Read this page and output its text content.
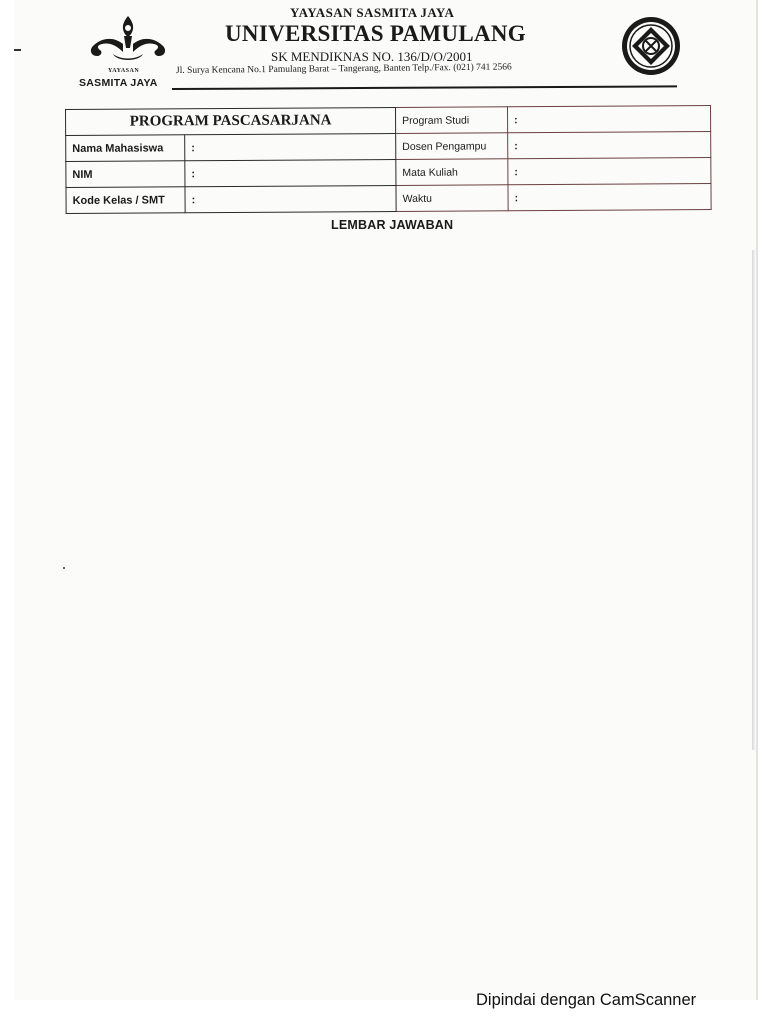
YAYASAN
SASMITA JAYA
YAYASAN SASMITA JAYA
UNIVERSITAS PAMULANG
SK MENDIKNAS NO. 136/D/O/2001
Jl. Surya Kencana No.1 Pamulang Barat – Tangerang, Banten Telp./Fax. (021) 741 2566
PROGRAM PASCASARJANA		Program Studi	:
Nama Mahasiswa	:	Dosen Pengampu	:
NIM	:	Mata Kuliah	:
Kode Kelas / SMT	:	Waktu	:
LEMBAR JAWABAN
Dipindai dengan CamScanner
